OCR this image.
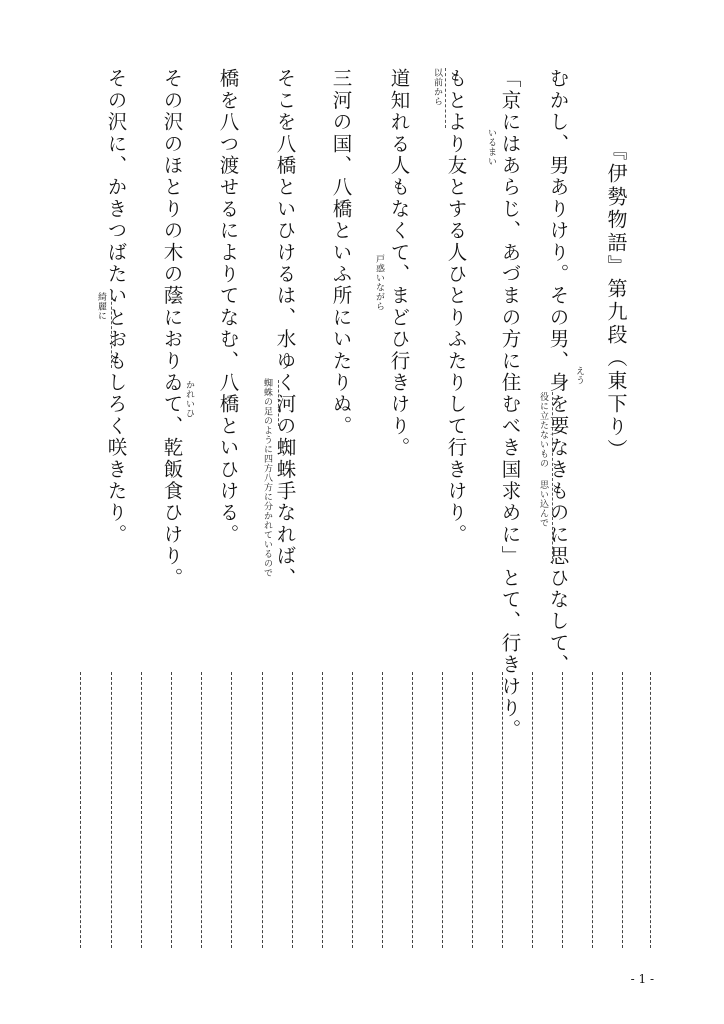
『伊勢物語』第九段（東下り）
むかし、男ありけり。その男、身を要なきものに思ひなして、
「京にはあらじ、あづまの方に住むべき国求めに」とて、行きけり。
もとより友とする人ひとりふたりして行きけり。
道知れる人もなくて、まどひ行きけり。
三河の国、八橋といふ所にいたりぬ。
そこを八橋といひけるは、水ゆく河の蜘蛛手なれば、
橋を八つ渡せるによりてなむ、八橋といひける。
その沢のほとりの木の蔭におりゐて、乾飯食ひけり。
その沢に、かきつばたいとおもしろく咲きたり。	えう
役に立たないもの
思い込んで
いるまい
以前から
戸惑いながら
蜘蛛の足のように四方八方に分かれているので
かれいひ
綺麗に
- 1 -
